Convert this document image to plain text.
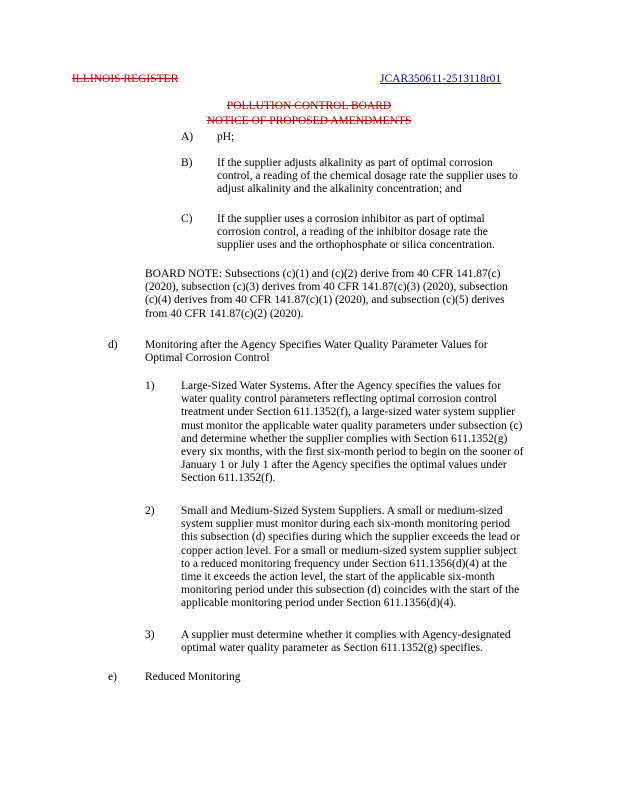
ILLINOIS REGISTER	JCAR350611-2513118r01
POLLUTION CONTROL BOARD
NOTICE OF PROPOSED AMENDMENTS
A) pH;
B) If the supplier adjusts alkalinity as part of optimal corrosion
control, a reading of the chemical dosage rate the supplier uses to
adjust alkalinity and the alkalinity concentration; and
C) If the supplier uses a corrosion inhibitor as part of optimal
corrosion control, a reading of the inhibitor dosage rate the
supplier uses and the orthophosphate or silica concentration.
BOARD NOTE: Subsections (c)(1) and (c)(2) derive from 40 CFR 141.87(c)
(2020), subsection (c)(3) derives from 40 CFR 141.87(c)(3) (2020), subsection
(c)(4) derives from 40 CFR 141.87(c)(1) (2020), and subsection (c)(5) derives
from 40 CFR 141.87(c)(2) (2020).
d) Monitoring after the Agency Specifies Water Quality Parameter Values for
Optimal Corrosion Control
1) Large-Sized Water Systems. After the Agency specifies the values for
water quality control parameters reflecting optimal corrosion control
treatment under Section 611.1352(f), a large-sized water system supplier
must monitor the applicable water quality parameters under subsection (c)
and determine whether the supplier complies with Section 611.1352(g)
every six months, with the first six-month period to begin on the sooner of
January 1 or July 1 after the Agency specifies the optimal values under
Section 611.1352(f).
2) Small and Medium-Sized System Suppliers. A small or medium-sized
system supplier must monitor during each six-month monitoring period
this subsection (d) specifies during which the supplier exceeds the lead or
copper action level. For a small or medium-sized system supplier subject
to a reduced monitoring frequency under Section 611.1356(d)(4) at the
time it exceeds the action level, the start of the applicable six-month
monitoring period under this subsection (d) coincides with the start of the
applicable monitoring period under Section 611.1356(d)(4).
3) A supplier must determine whether it complies with Agency-designated
optimal water quality parameter as Section 611.1352(g) specifies.
e) Reduced Monitoring
